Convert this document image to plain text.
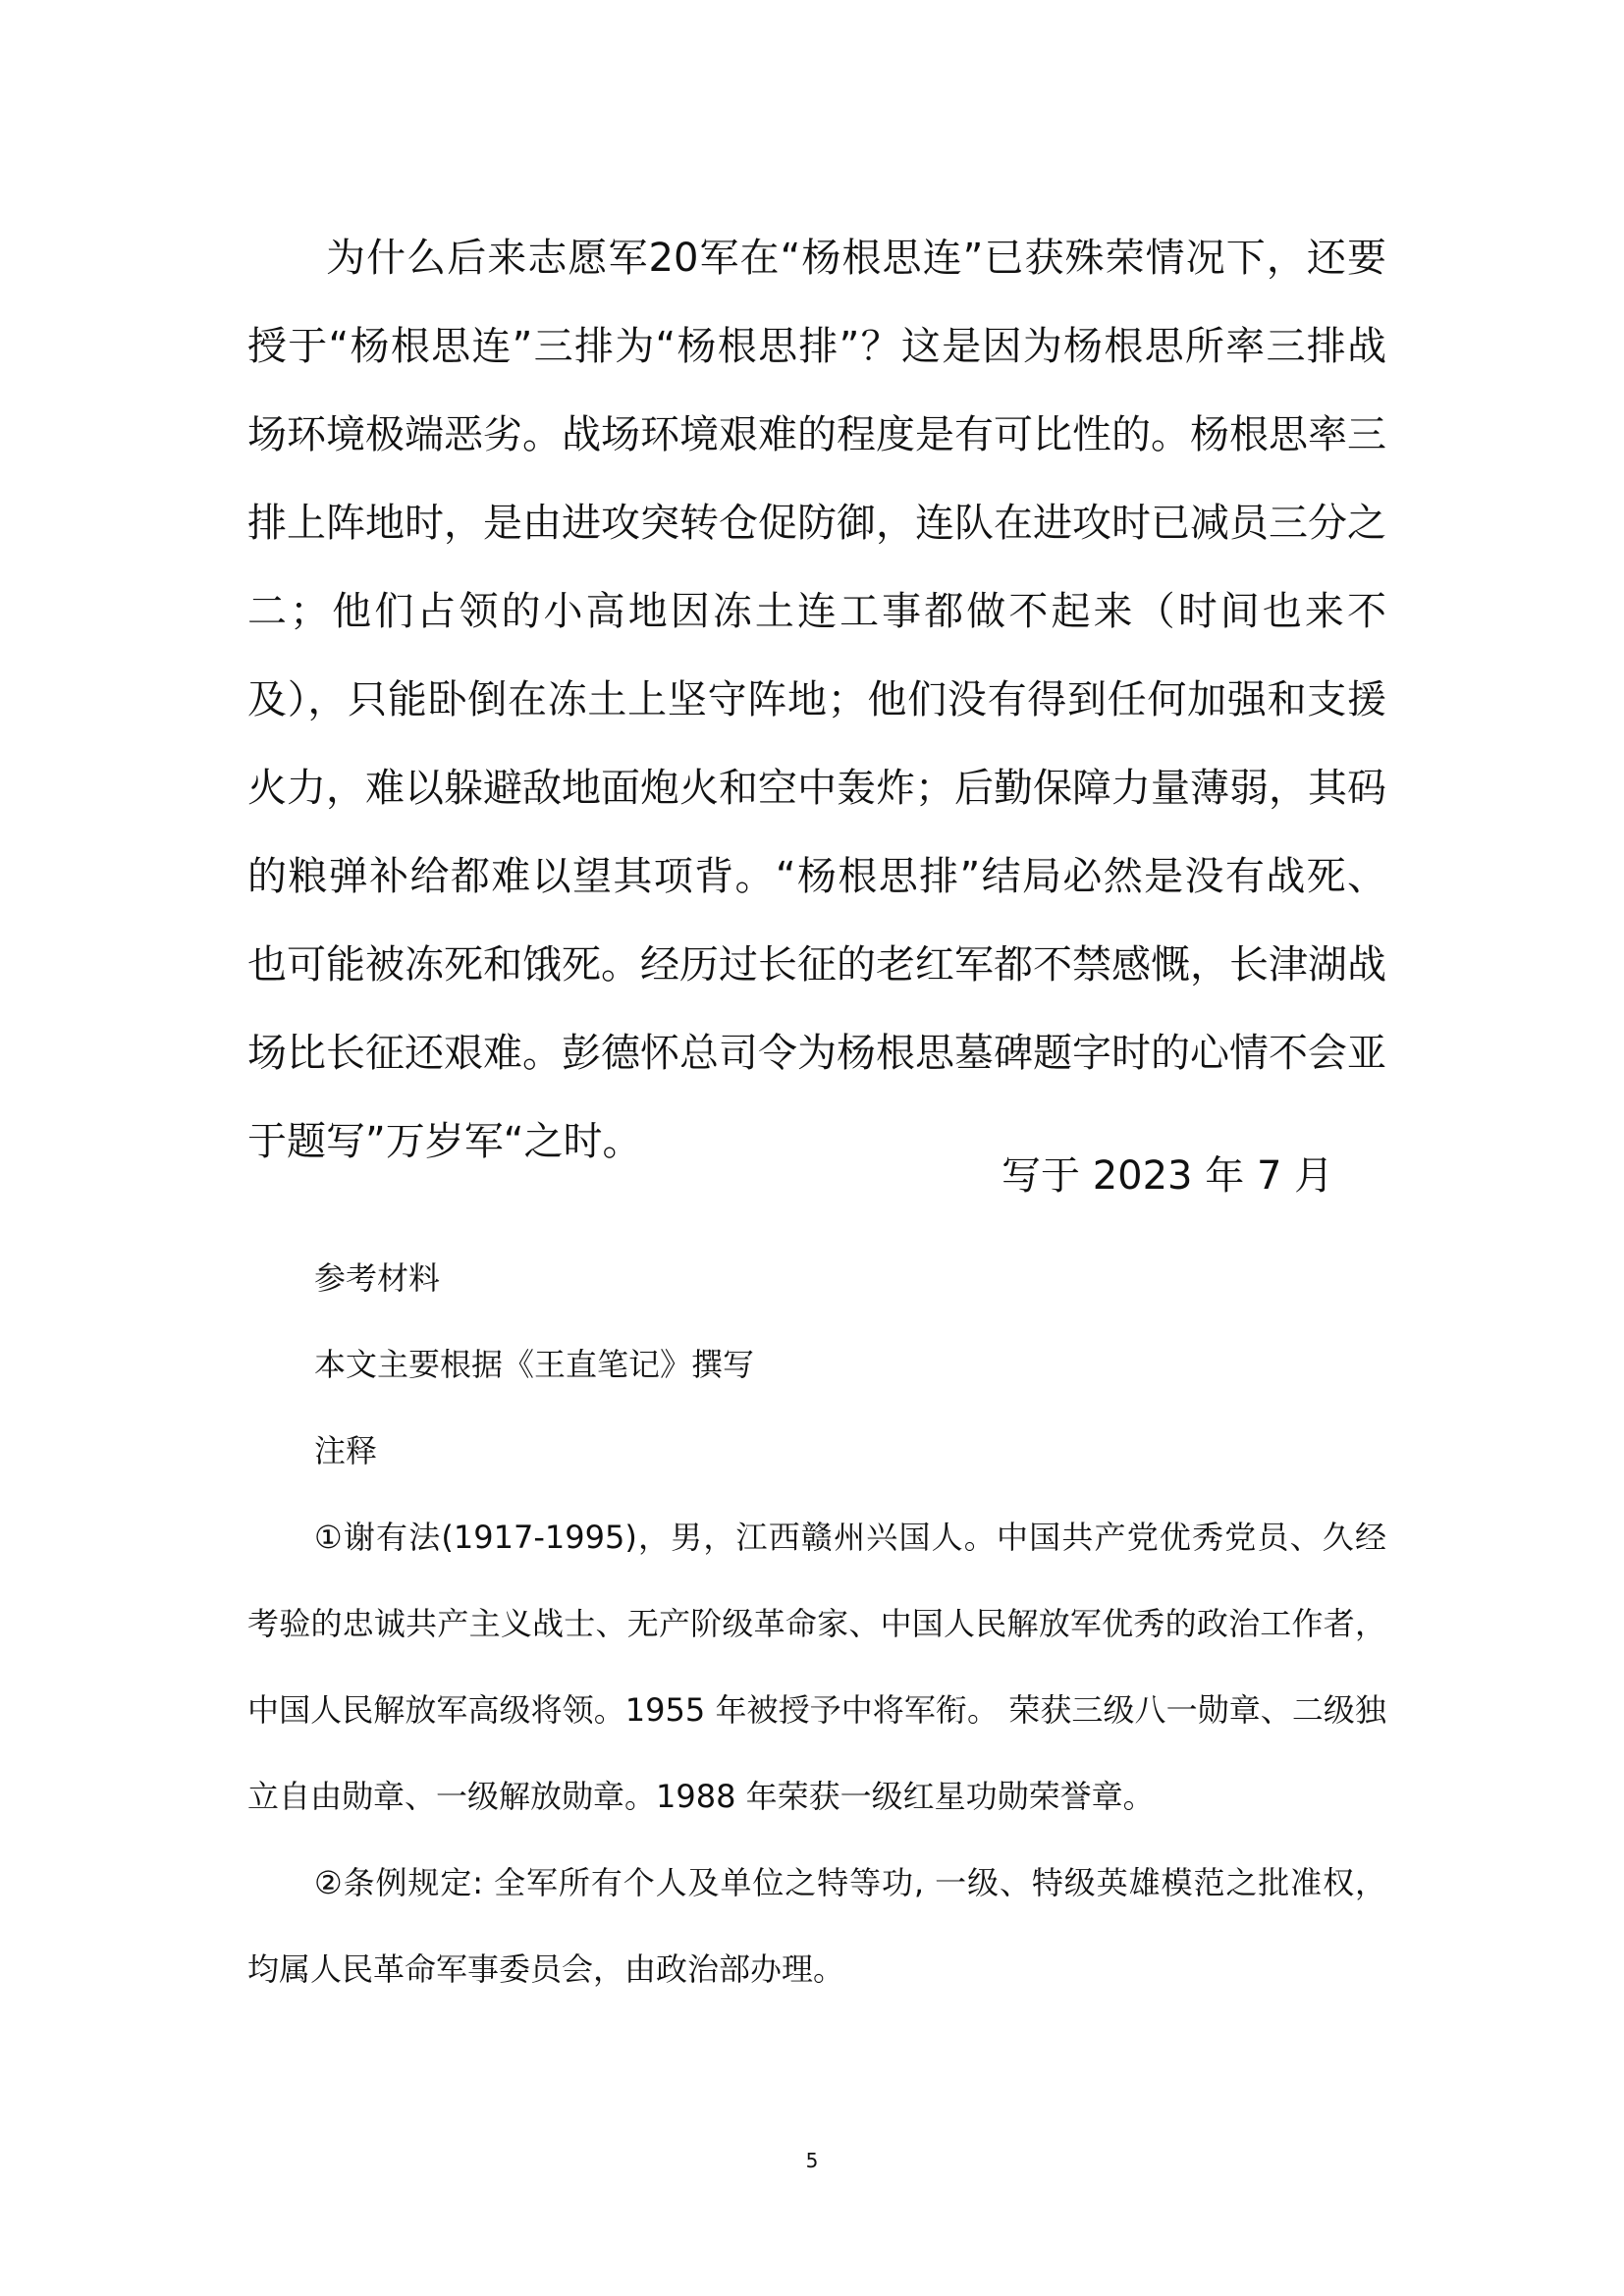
为什么后来志愿军20军在“杨根思连”已获殊荣情况下，还要授于“杨根思连”三排为“杨根思排”？这是因为杨根思所率三排战场环境极端恶劣。战场环境艰难的程度是有可比性的。杨根思率三排上阵地时，是由进攻突转仓促防御，连队在进攻时已减员三分之二；他们占领的小高地因冻土连工事都做不起来（时间也来不及），只能卧倒在冻土上坚守阵地；他们没有得到任何加强和支援火力，难以躲避敌地面炮火和空中轰炸；后勤保障力量薄弱，其码的粮弹补给都难以望其项背。“杨根思排”结局必然是没有战死、也可能被冻死和饿死。经历过长征的老红军都不禁感慨，长津湖战场比长征还艰难。彭德怀总司令为杨根思墓碑题字时的心情不会亚于题写”万岁军“之时。

写于 2023 年 7 月

参考材料

本文主要根据《王直笔记》撰写

注释

①谢有法(1917-1995)，男，江西赣州兴国人。中国共产党优秀党员、久经考验的忠诚共产主义战士、无产阶级革命家、中国人民解放军优秀的政治工作者，中国人民解放军高级将领。1955 年被授予中将军衔。 荣获三级八一勋章、二级独立自由勋章、一级解放勋章。1988 年荣获一级红星功勋荣誉章。

②条例规定: 全军所有个人及单位之特等功, 一级、特级英雄模范之批准权，均属人民革命军事委员会，由政治部办理。

5
